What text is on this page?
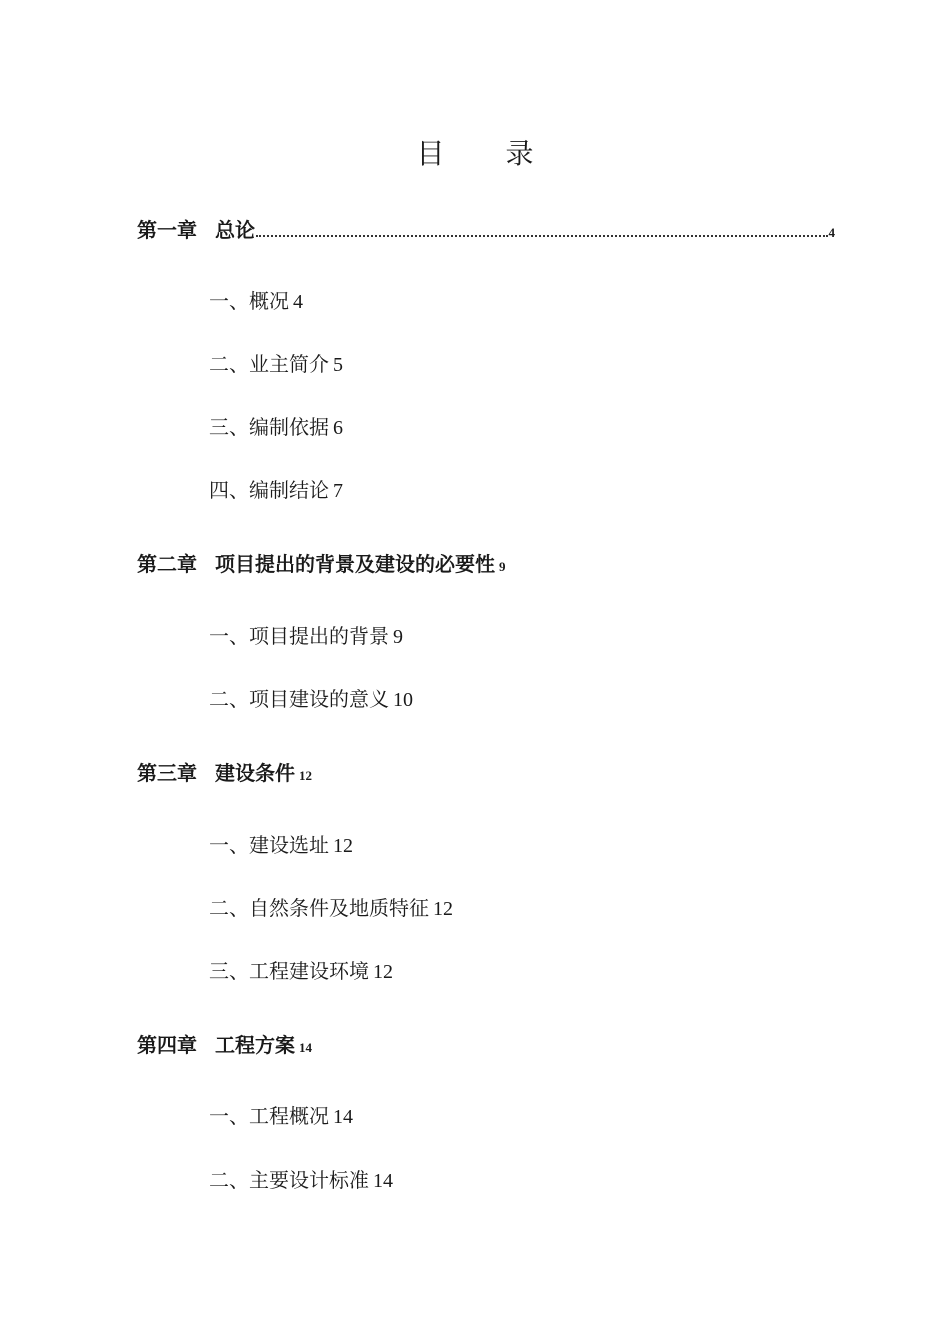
目 录
第一章 总论	4
一、概况 4
二、业主简介 5
三、编制依据 6
四、编制结论 7
第二章 项目提出的背景及建设的必要性 9
一、项目提出的背景 9
二、项目建设的意义 10
第三章 建设条件 12
一、建设选址 12
二、自然条件及地质特征 12
三、工程建设环境 12
第四章 工程方案 14
一、工程概况 14
二、主要设计标准 14
